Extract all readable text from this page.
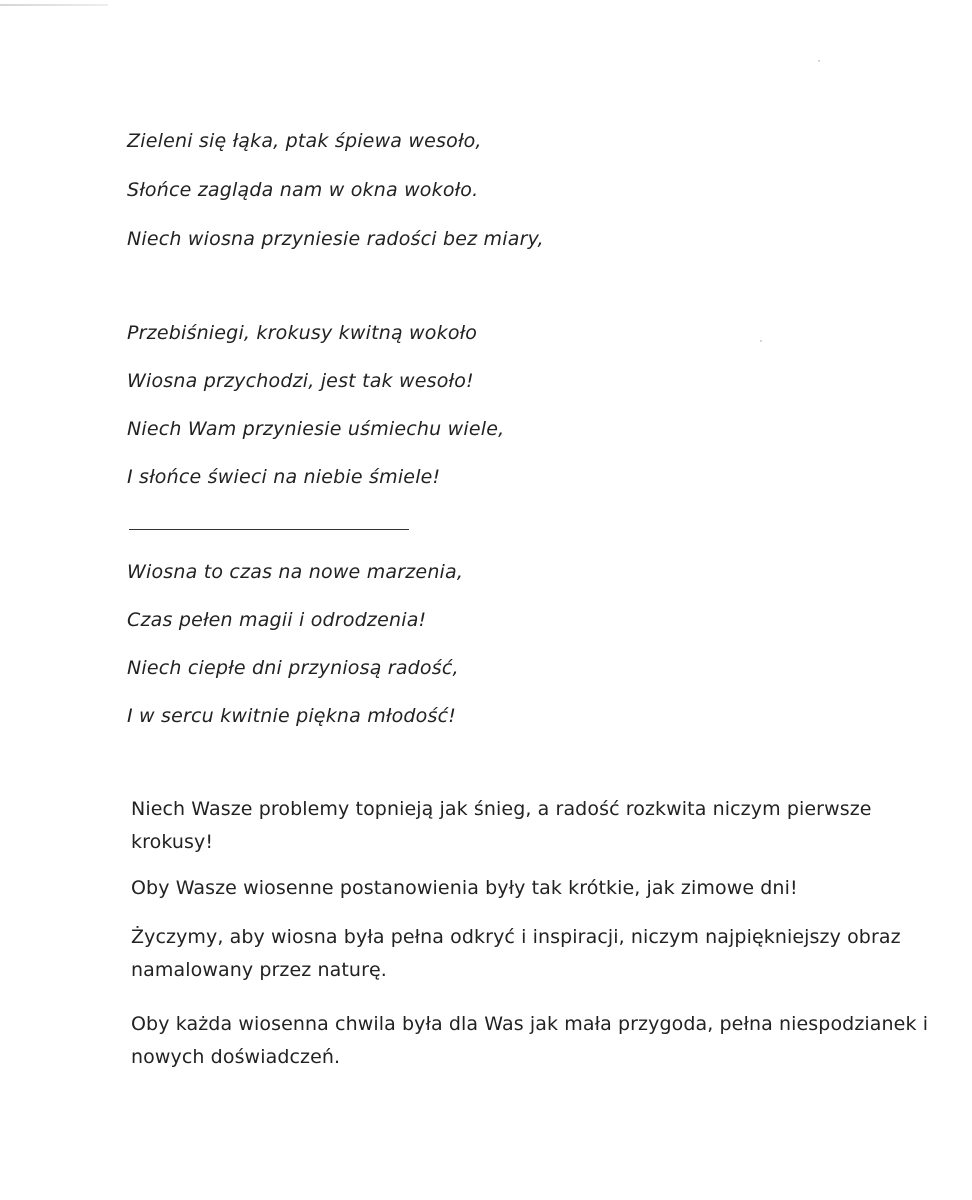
Zieleni się łąka, ptak śpiewa wesoło,

Słońce zagląda nam w okna wokoło.

Niech wiosna przyniesie radości bez miary,

Przebiśniegi, krokusy kwitną wokoło

Wiosna przychodzi, jest tak wesoło!

Niech Wam przyniesie uśmiechu wiele,

I słońce świeci na niebie śmiele!

Wiosna to czas na nowe marzenia,

Czas pełen magii i odrodzenia!

Niech ciepłe dni przyniosą radość,

I w sercu kwitnie piękna młodość!

Niech Wasze problemy topnieją jak śnieg, a radość rozkwita niczym pierwsze krokusy!

Oby Wasze wiosenne postanowienia były tak krótkie, jak zimowe dni!

Życzymy, aby wiosna była pełna odkryć i inspiracji, niczym najpiękniejszy obraz namalowany przez naturę.

Oby każda wiosenna chwila była dla Was jak mała przygoda, pełna niespodzianek i nowych doświadczeń.
